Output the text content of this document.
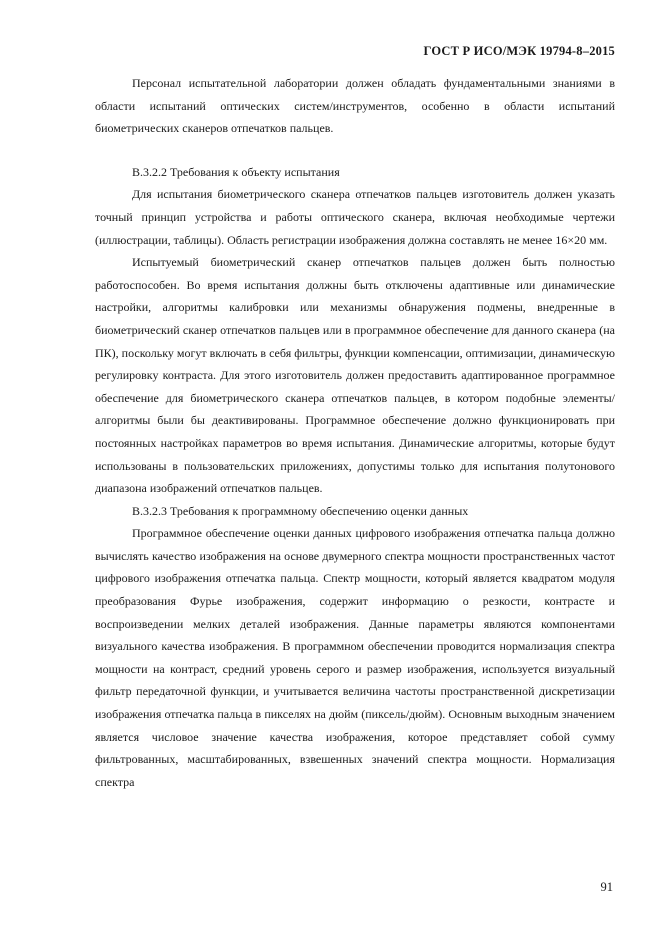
ГОСТ Р ИСО/МЭК 19794-8–2015

Персонал испытательной лаборатории должен обладать фундаментальными знаниями в области испытаний оптических систем/инструментов, особенно в области испытаний биометрических сканеров отпечатков пальцев.

B.3.2.2 Требования к объекту испытания

Для испытания биометрического сканера отпечатков пальцев изготовитель должен указать точный принцип устройства и работы оптического сканера, включая необходимые чертежи (иллюстрации, таблицы). Область регистрации изображения должна составлять не менее 16×20 мм.

Испытуемый биометрический сканер отпечатков пальцев должен быть полностью работоспособен. Во время испытания должны быть отключены адаптивные или динамические настройки, алгоритмы калибровки или механизмы обнаружения подмены, внедренные в биометрический сканер отпечатков пальцев или в программное обеспечение для данного сканера (на ПК), поскольку могут включать в себя фильтры, функции компенсации, оптимизации, динамическую регулировку контраста. Для этого изготовитель должен предоставить адаптированное программное обеспечение для биометрического сканера отпечатков пальцев, в котором подобные элементы/алгоритмы были бы деактивированы. Программное обеспечение должно функционировать при постоянных настройках параметров во время испытания. Динамические алгоритмы, которые будут использованы в пользовательских приложениях, допустимы только для испытания полутонового диапазона изображений отпечатков пальцев.

B.3.2.3 Требования к программному обеспечению оценки данных

Программное обеспечение оценки данных цифрового изображения отпечатка пальца должно вычислять качество изображения на основе двумерного спектра мощности пространственных частот цифрового изображения отпечатка пальца. Спектр мощности, который является квадратом модуля преобразования Фурье изображения, содержит информацию о резкости, контрасте и воспроизведении мелких деталей изображения. Данные параметры являются компонентами визуального качества изображения. В программном обеспечении проводится нормализация спектра мощности на контраст, средний уровень серого и размер изображения, используется визуальный фильтр передаточной функции, и учитывается величина частоты пространственной дискретизации изображения отпечатка пальца в пикселях на дюйм (пиксель/дюйм). Основным выходным значением является числовое значение качества изображения, которое представляет собой сумму фильтрованных, масштабированных, взвешенных значений спектра мощности. Нормализация спектра

91
